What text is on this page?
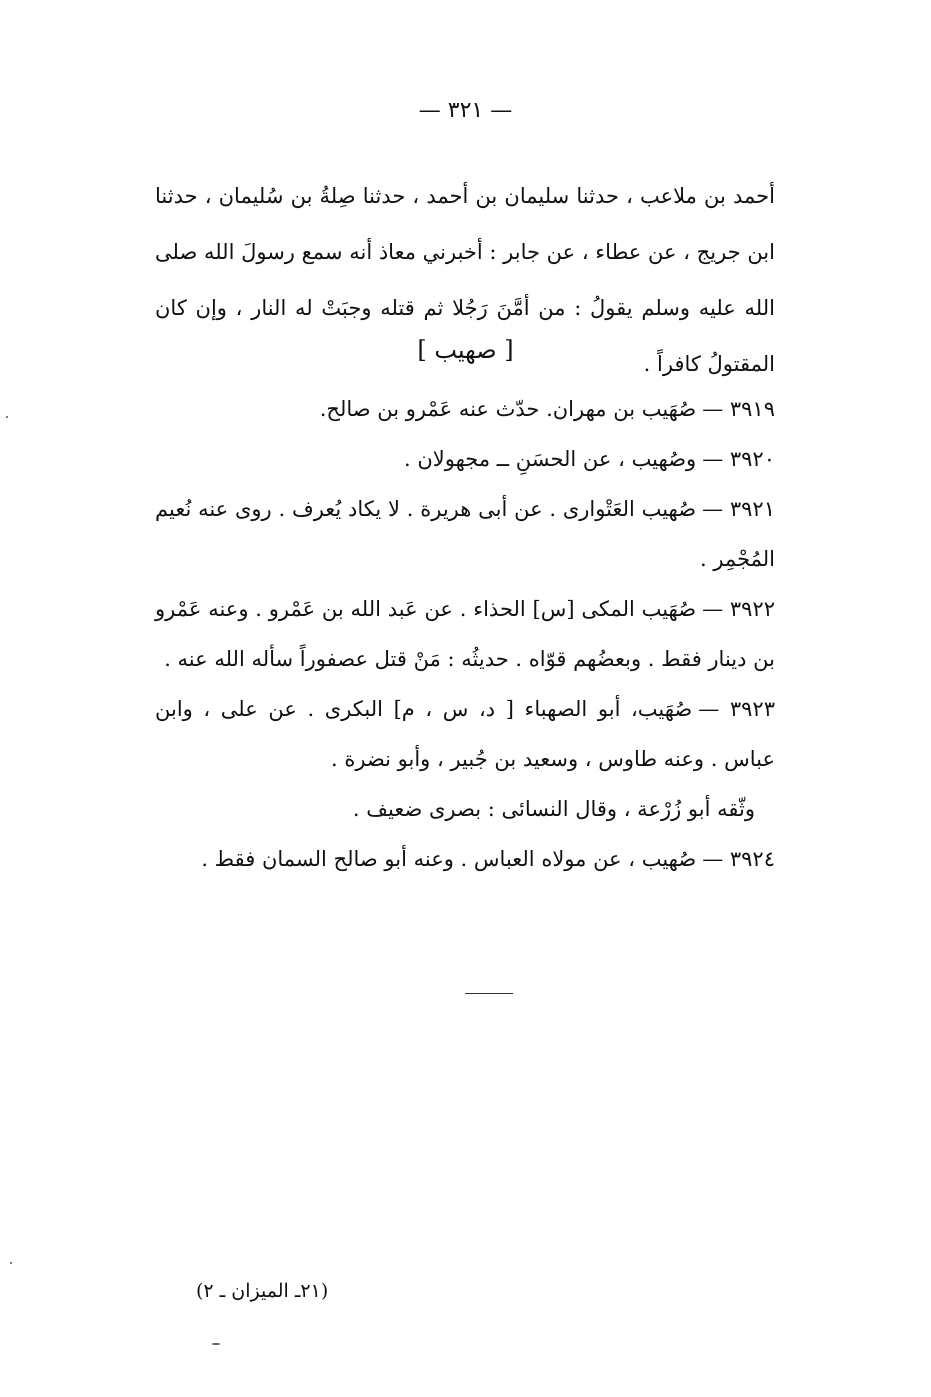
— ٣٢١ —

أحمد بن ملاعب ، حدثنا سليمان بن أحمد ، حدثنا صِلةُ بن سُليمان ، حدثنا ابن جريج ، عن عطاء ، عن جابر : أخبرني معاذ أنه سمع رسولَ الله صلى الله عليه وسلم يقولُ : من أمَّنَ رَجُلا ثم قتله وجبَتْ له النار ، وإن كان المقتولُ كافراً .

[ صهيب ]

٣٩١٩ —صُهَيب بن مهران. حدّث عنه عَمْرو بن صالح.

٣٩٢٠ —وصُهيب ، عن الحسَنِ ــ مجهولان .

٣٩٢١ —صُهيب العَتْوارى . عن أبى هريرة . لا يكاد يُعرف . روى عنه نُعيم المُجْمِر .

٣٩٢٢ —صُهَيب المكى [س] الحذاء . عن عَبد الله بن عَمْرو . وعنه عَمْرو بن دينار فقط . وبعضُهم قوّاه . حديثُه : مَنْ قتل عصفوراً سأله الله عنه .

٣٩٢٣ —صُهَيب، أبو الصهباء [ د، س ، م] البكرى . عن على ، وابن عباس . وعنه طاوس ، وسعيد بن جُبير ، وأبو نضرة .

وثّقه أبو زُرْعة ، وقال النسائى : بصرى ضعيف .

٣٩٢٤ —صُهيب ، عن مولاه العباس . وعنه أبو صالح السمان فقط .

(٢١ـ الميزان ـ ٢)
